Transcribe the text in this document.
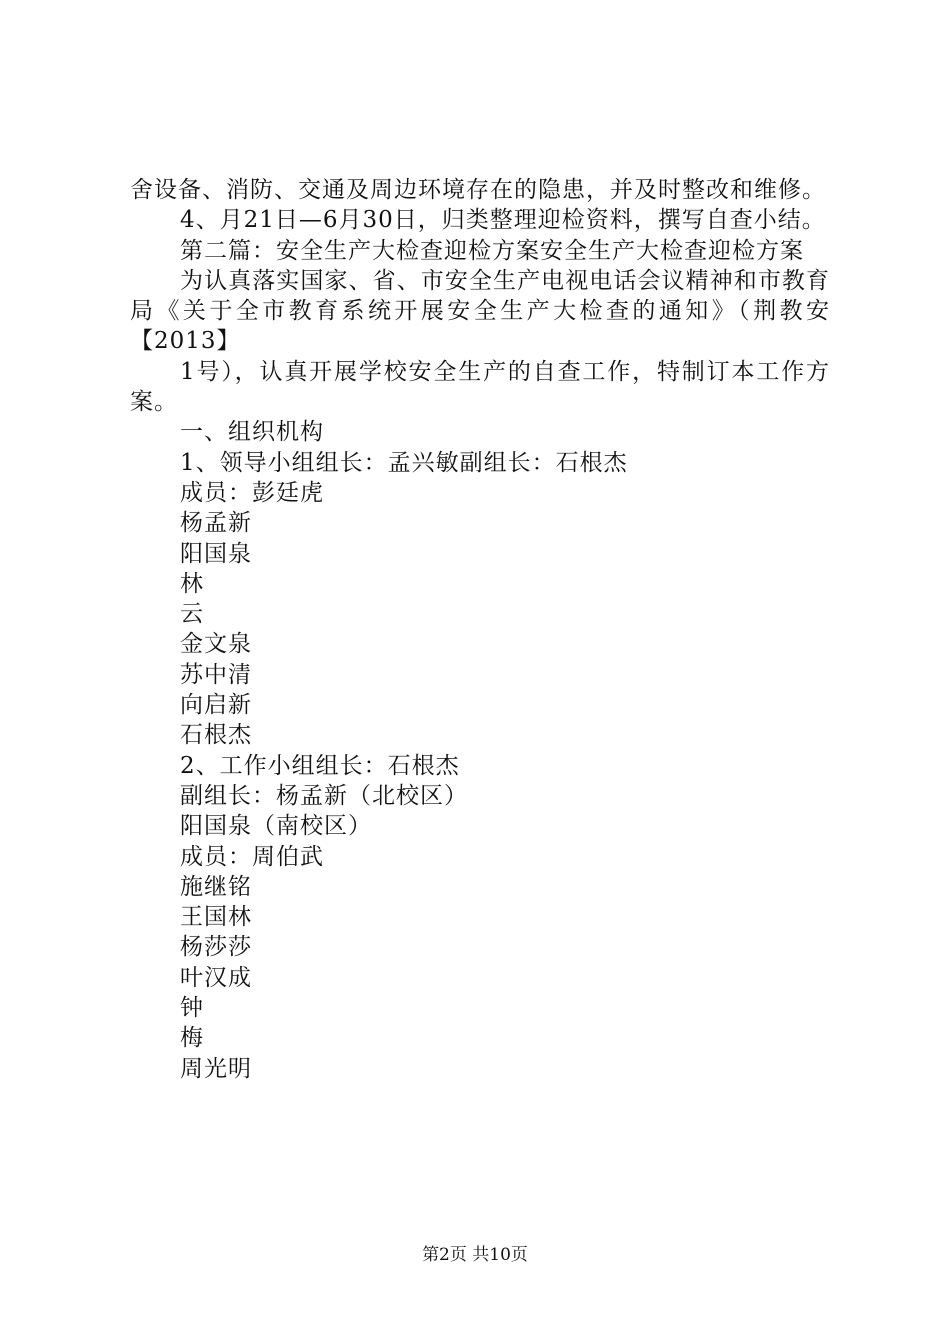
舍设备、消防、交通及周边环境存在的隐患，并及时整改和维修。

4、月21日—6月30日，归类整理迎检资料，撰写自查小结。

第二篇：安全生产大检查迎检方案安全生产大检查迎检方案

为认真落实国家、省、市安全生产电视电话会议精神和市教育局《关于全市教育系统开展安全生产大检查的通知》（荆教安【2013】

1号），认真开展学校安全生产的自查工作，特制订本工作方案。

一、组织机构

1、领导小组组长：孟兴敏副组长：石根杰

成员：彭廷虎

杨孟新

阳国泉

林

云

金文泉

苏中清

向启新

石根杰

2、工作小组组长：石根杰

副组长：杨孟新（北校区）

阳国泉（南校区）

成员：周伯武

施继铭

王国林

杨莎莎

叶汉成

钟

梅

周光明

第2页 共10页
